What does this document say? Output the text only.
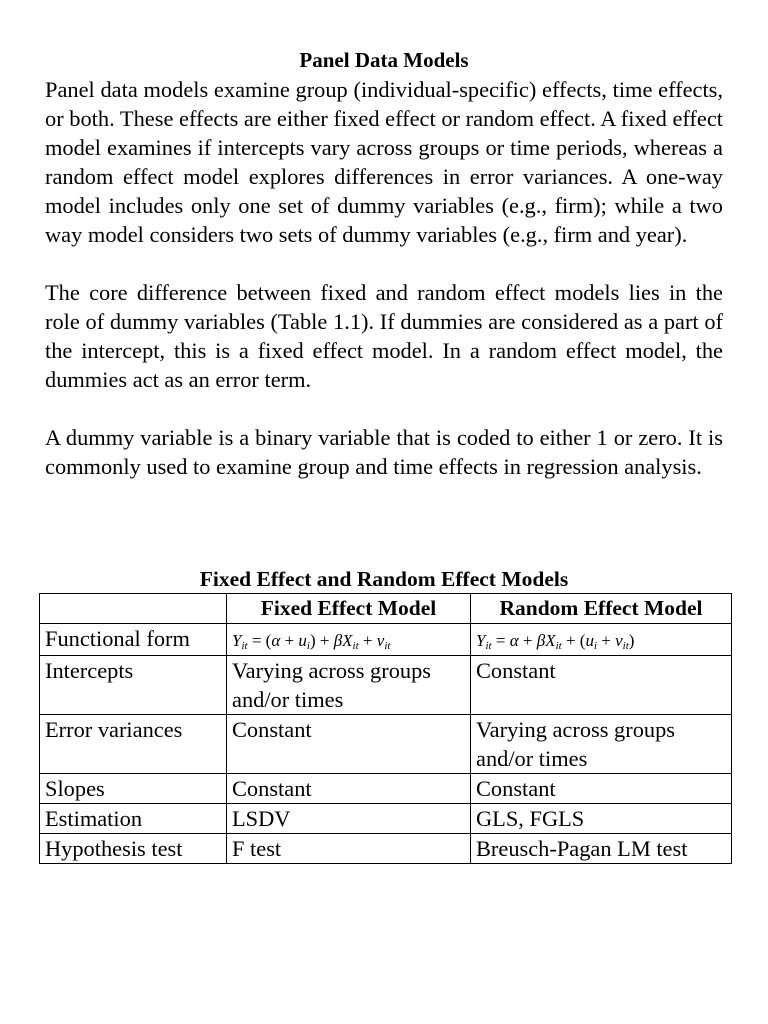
Panel Data Models

Panel data models examine group (individual-specific) effects, time effects, or both. These effects are either fixed effect or random effect. A fixed effect model examines if intercepts vary across groups or time periods, whereas a random effect model explores differences in error variances. A one-way model includes only one set of dummy variables (e.g., firm); while a two way model considers two sets of dummy variables (e.g., firm and year).

The core difference between fixed and random effect models lies in the role of dummy variables (Table 1.1). If dummies are considered as a part of the intercept, this is a fixed effect model. In a random effect model, the dummies act as an error term.

A dummy variable is a binary variable that is coded to either 1 or zero. It is commonly used to examine group and time effects in regression analysis.

Fixed Effect and Random Effect Models
	Fixed Effect Model	Random Effect Model
Functional form	$Y_{it} = (\alpha + u_i) + \beta X_{it} + v_{it}$	$Y_{it} = \alpha + \beta X_{it} + (u_i + v_{it})$
Intercepts	Varying across groups and/or times	Constant
Error variances	Constant	Varying across groups and/or times
Slopes	Constant	Constant
Estimation	LSDV	GLS, FGLS
Hypothesis test	F test	Breusch-Pagan LM test
